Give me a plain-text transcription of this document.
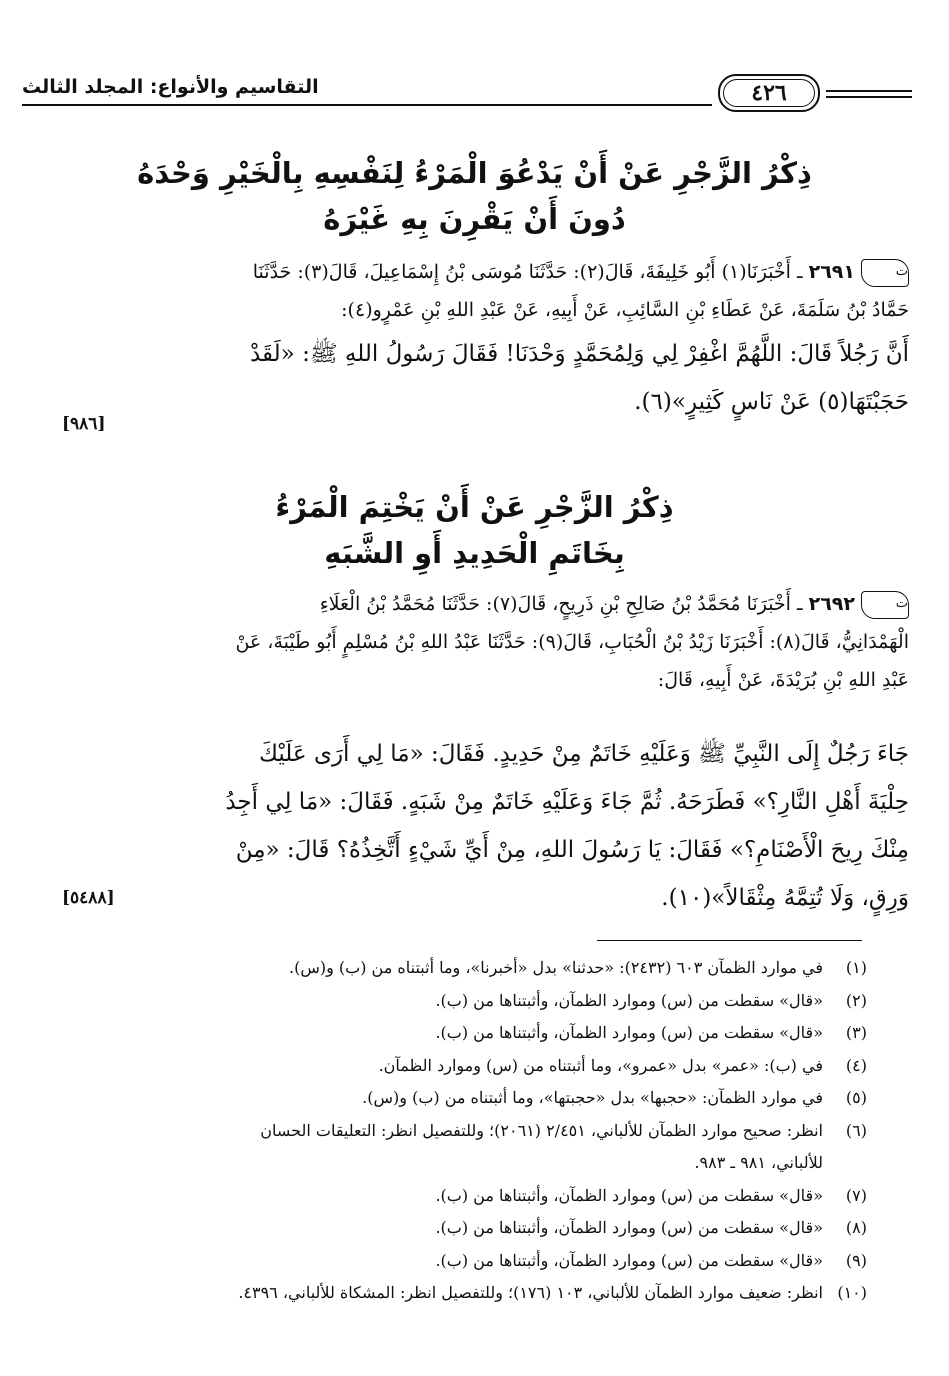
التقاسيم والأنواع: المجلد الثالث	٤٢٦
ذِكْرُ الزَّجْرِ عَنْ أَنْ يَدْعُوَ الْمَرْءُ لِنَفْسِهِ بِالْخَيْرِ وَحْدَهُ
دُونَ أَنْ يَقْرِنَ بِهِ غَيْرَهُ
ت٢٦٩١ ـ أَخْبَرَنَا(١) أَبُو خَلِيفَةَ، قَالَ(٢): حَدَّثَنَا مُوسَى بْنُ إِسْمَاعِيلَ، قَالَ(٣): حَدَّثَنَا
حَمَّادُ بْنُ سَلَمَةَ، عَنْ عَطَاءِ بْنِ السَّائِبِ، عَنْ أَبِيهِ، عَنْ عَبْدِ اللهِ بْنِ عَمْرٍو(٤):
أَنَّ رَجُلاً قَالَ: اللَّهُمَّ اغْفِرْ لِي وَلِمُحَمَّدٍ وَحْدَنَا! فَقَالَ رَسُولُ اللهِ ﷺ: «لَقَدْ
حَجَبْتَهَا(٥) عَنْ نَاسٍ كَثِيرٍ»(٦).
[٩٨٦]
ذِكْرُ الزَّجْرِ عَنْ أَنْ يَخْتِمَ الْمَرْءُ
بِخَاتَمِ الْحَدِيدِ أَوِ الشَّبَهِ
ت٢٦٩٢ ـ أَخْبَرَنَا مُحَمَّدُ بْنُ صَالِحِ بْنِ ذَرِيحٍ، قَالَ(٧): حَدَّثَنَا مُحَمَّدُ بْنُ الْعَلَاءِ
الْهَمْدَانِيُّ، قَالَ(٨): أَخْبَرَنَا زَيْدُ بْنُ الْحُبَابِ، قَالَ(٩): حَدَّثَنَا عَبْدُ اللهِ بْنُ مُسْلِمٍ أَبُو طَيْبَةَ، عَنْ
عَبْدِ اللهِ بْنِ بُرَيْدَةَ، عَنْ أَبِيهِ، قَالَ:
جَاءَ رَجُلٌ إِلَى النَّبِيِّ ﷺ وَعَلَيْهِ خَاتَمٌ مِنْ حَدِيدٍ. فَقَالَ: «مَا لِي أَرَى عَلَيْكَ
حِلْيَةَ أَهْلِ النَّارِ؟» فَطَرَحَهُ. ثُمَّ جَاءَ وَعَلَيْهِ خَاتَمٌ مِنْ شَبَهٍ. فَقَالَ: «مَا لِي أَجِدُ
مِنْكَ رِيحَ الْأَصْنَامِ؟» فَقَالَ: يَا رَسُولَ اللهِ، مِنْ أَيِّ شَيْءٍ أَتَّخِذُهُ؟ قَالَ: «مِنْ
وَرِقٍ، وَلَا تُتِمَّهُ مِثْقَالاً»(١٠).
[٥٤٨٨]
(١)في موارد الظمآن ٦٠٣ (٢٤٣٢): «حدثنا» بدل «أخبرنا»، وما أثبتناه من (ب) و(س).
(٢)«قال» سقطت من (س) وموارد الظمآن، وأثبتناها من (ب).
(٣)«قال» سقطت من (س) وموارد الظمآن، وأثبتناها من (ب).
(٤)في (ب): «عمر» بدل «عمرو»، وما أثبتناه من (س) وموارد الظمآن.
(٥)في موارد الظمآن: «حجبها» بدل «حجبتها»، وما أثبتناه من (ب) و(س).
(٦)انظر: صحيح موارد الظمآن للألباني، ٢/٤٥١ (٢٠٦١)؛ وللتفصيل انظر: التعليقات الحسان
للألباني، ٩٨١ ـ ٩٨٣.
(٧)«قال» سقطت من (س) وموارد الظمآن، وأثبتناها من (ب).
(٨)«قال» سقطت من (س) وموارد الظمآن، وأثبتناها من (ب).
(٩)«قال» سقطت من (س) وموارد الظمآن، وأثبتناها من (ب).
(١٠)انظر: ضعيف موارد الظمآن للألباني، ١٠٣ (١٧٦)؛ وللتفصيل انظر: المشكاة للألباني، ٤٣٩٦.
